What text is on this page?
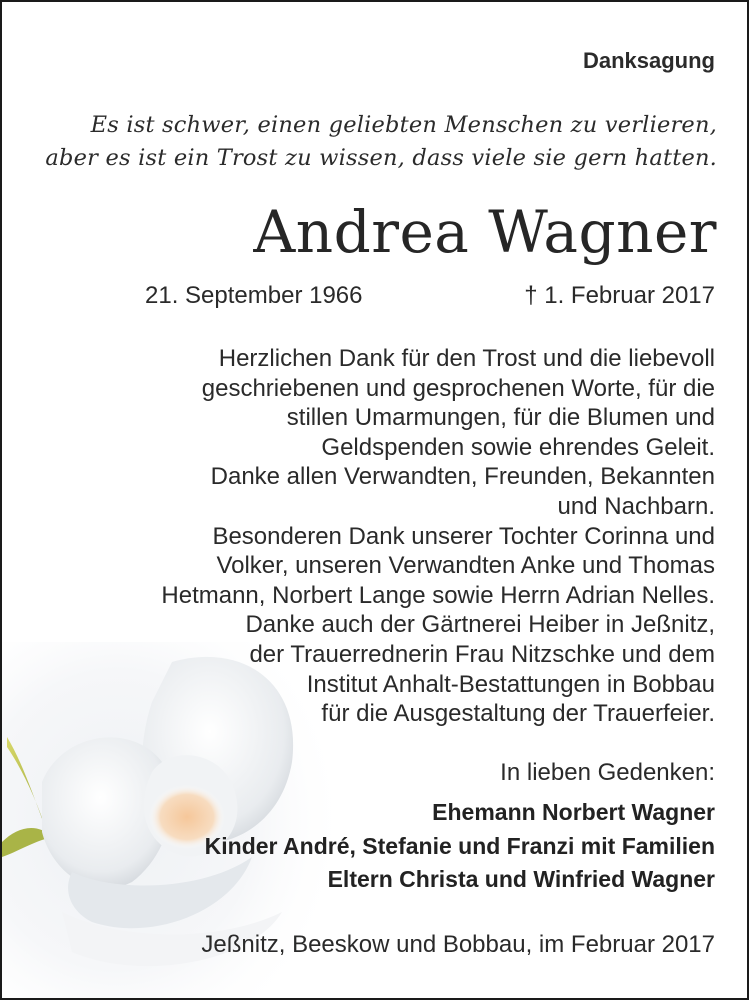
Danksagung
Es ist schwer, einen geliebten Menschen zu verlieren,
aber es ist ein Trost zu wissen, dass viele sie gern hatten.
Andrea Wagner
21. September 1966	† 1. Februar 2017
Herzlichen Dank für den Trost und die liebevoll
geschriebenen und gesprochenen Worte, für die
stillen Umarmungen, für die Blumen und
Geldspenden sowie ehrendes Geleit.
Danke allen Verwandten, Freunden, Bekannten
und Nachbarn.
Besonderen Dank unserer Tochter Corinna und
Volker, unseren Verwandten Anke und Thomas
Hetmann, Norbert Lange sowie Herrn Adrian Nelles.
Danke auch der Gärtnerei Heiber in Jeßnitz,
der Trauerrednerin Frau Nitzschke und dem
Institut Anhalt-Bestattungen in Bobbau
für die Ausgestaltung der Trauerfeier.
In lieben Gedenken:
Ehemann Norbert Wagner
Kinder André, Stefanie und Franzi mit Familien
Eltern Christa und Winfried Wagner
Jeßnitz, Beeskow und Bobbau, im Februar 2017
